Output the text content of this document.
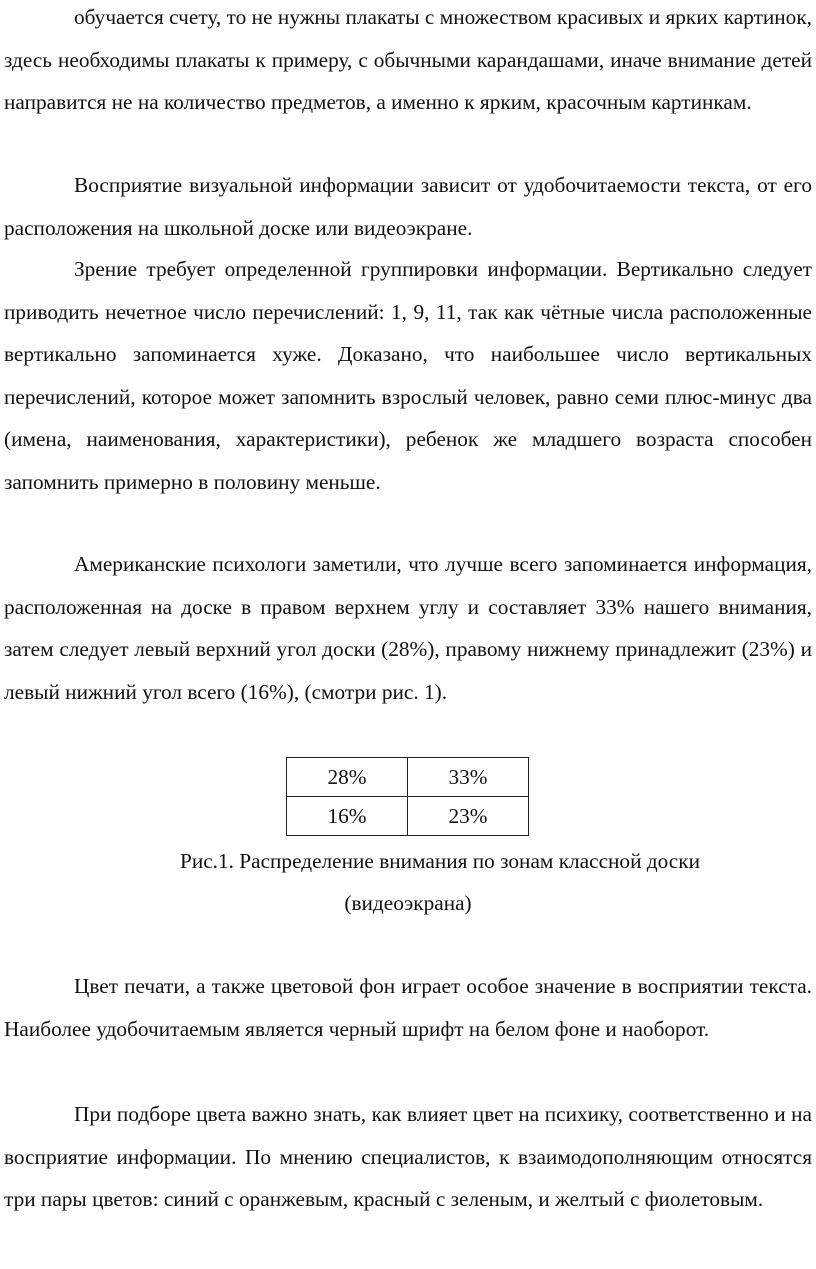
обучается счету, то не нужны плакаты с множеством красивых и ярких картинок, здесь необходимы плакаты к примеру, с обычными карандашами, иначе внимание детей направится не на количество предметов, а именно к ярким, красочным картинкам.

Восприятие визуальной информации зависит от удобочитаемости текста, от его расположения на школьной доске или видеоэкране.

Зрение требует определенной группировки информации. Вертикально следует приводить нечетное число перечислений: 1, 9, 11, так как чётные числа расположенные вертикально запоминается хуже. Доказано, что наибольшее число вертикальных перечислений, которое может запомнить взрослый человек, равно семи плюс-минус два (имена, наименования, характеристики), ребенок же младшего возраста способен запомнить примерно в половину меньше.

Американские психологи заметили, что лучше всего запоминается информация, расположенная на доске в правом верхнем углу и составляет 33% нашего внимания, затем следует левый верхний угол доски (28%), правому нижнему принадлежит (23%) и левый нижний угол всего (16%), (смотри рис. 1).

28%	33%
16%	23%

Рис.1. Распределение внимания по зонам классной доски

(видеоэкрана)

Цвет печати, а также цветовой фон играет особое значение в восприятии текста. Наиболее удобочитаемым является черный шрифт на белом фоне и наоборот.

При подборе цвета важно знать, как влияет цвет на психику, соответственно и на восприятие информации. По мнению специалистов, к взаимодополняющим относятся три пары цветов: синий с оранжевым, красный с зеленым, и желтый с фиолетовым.
